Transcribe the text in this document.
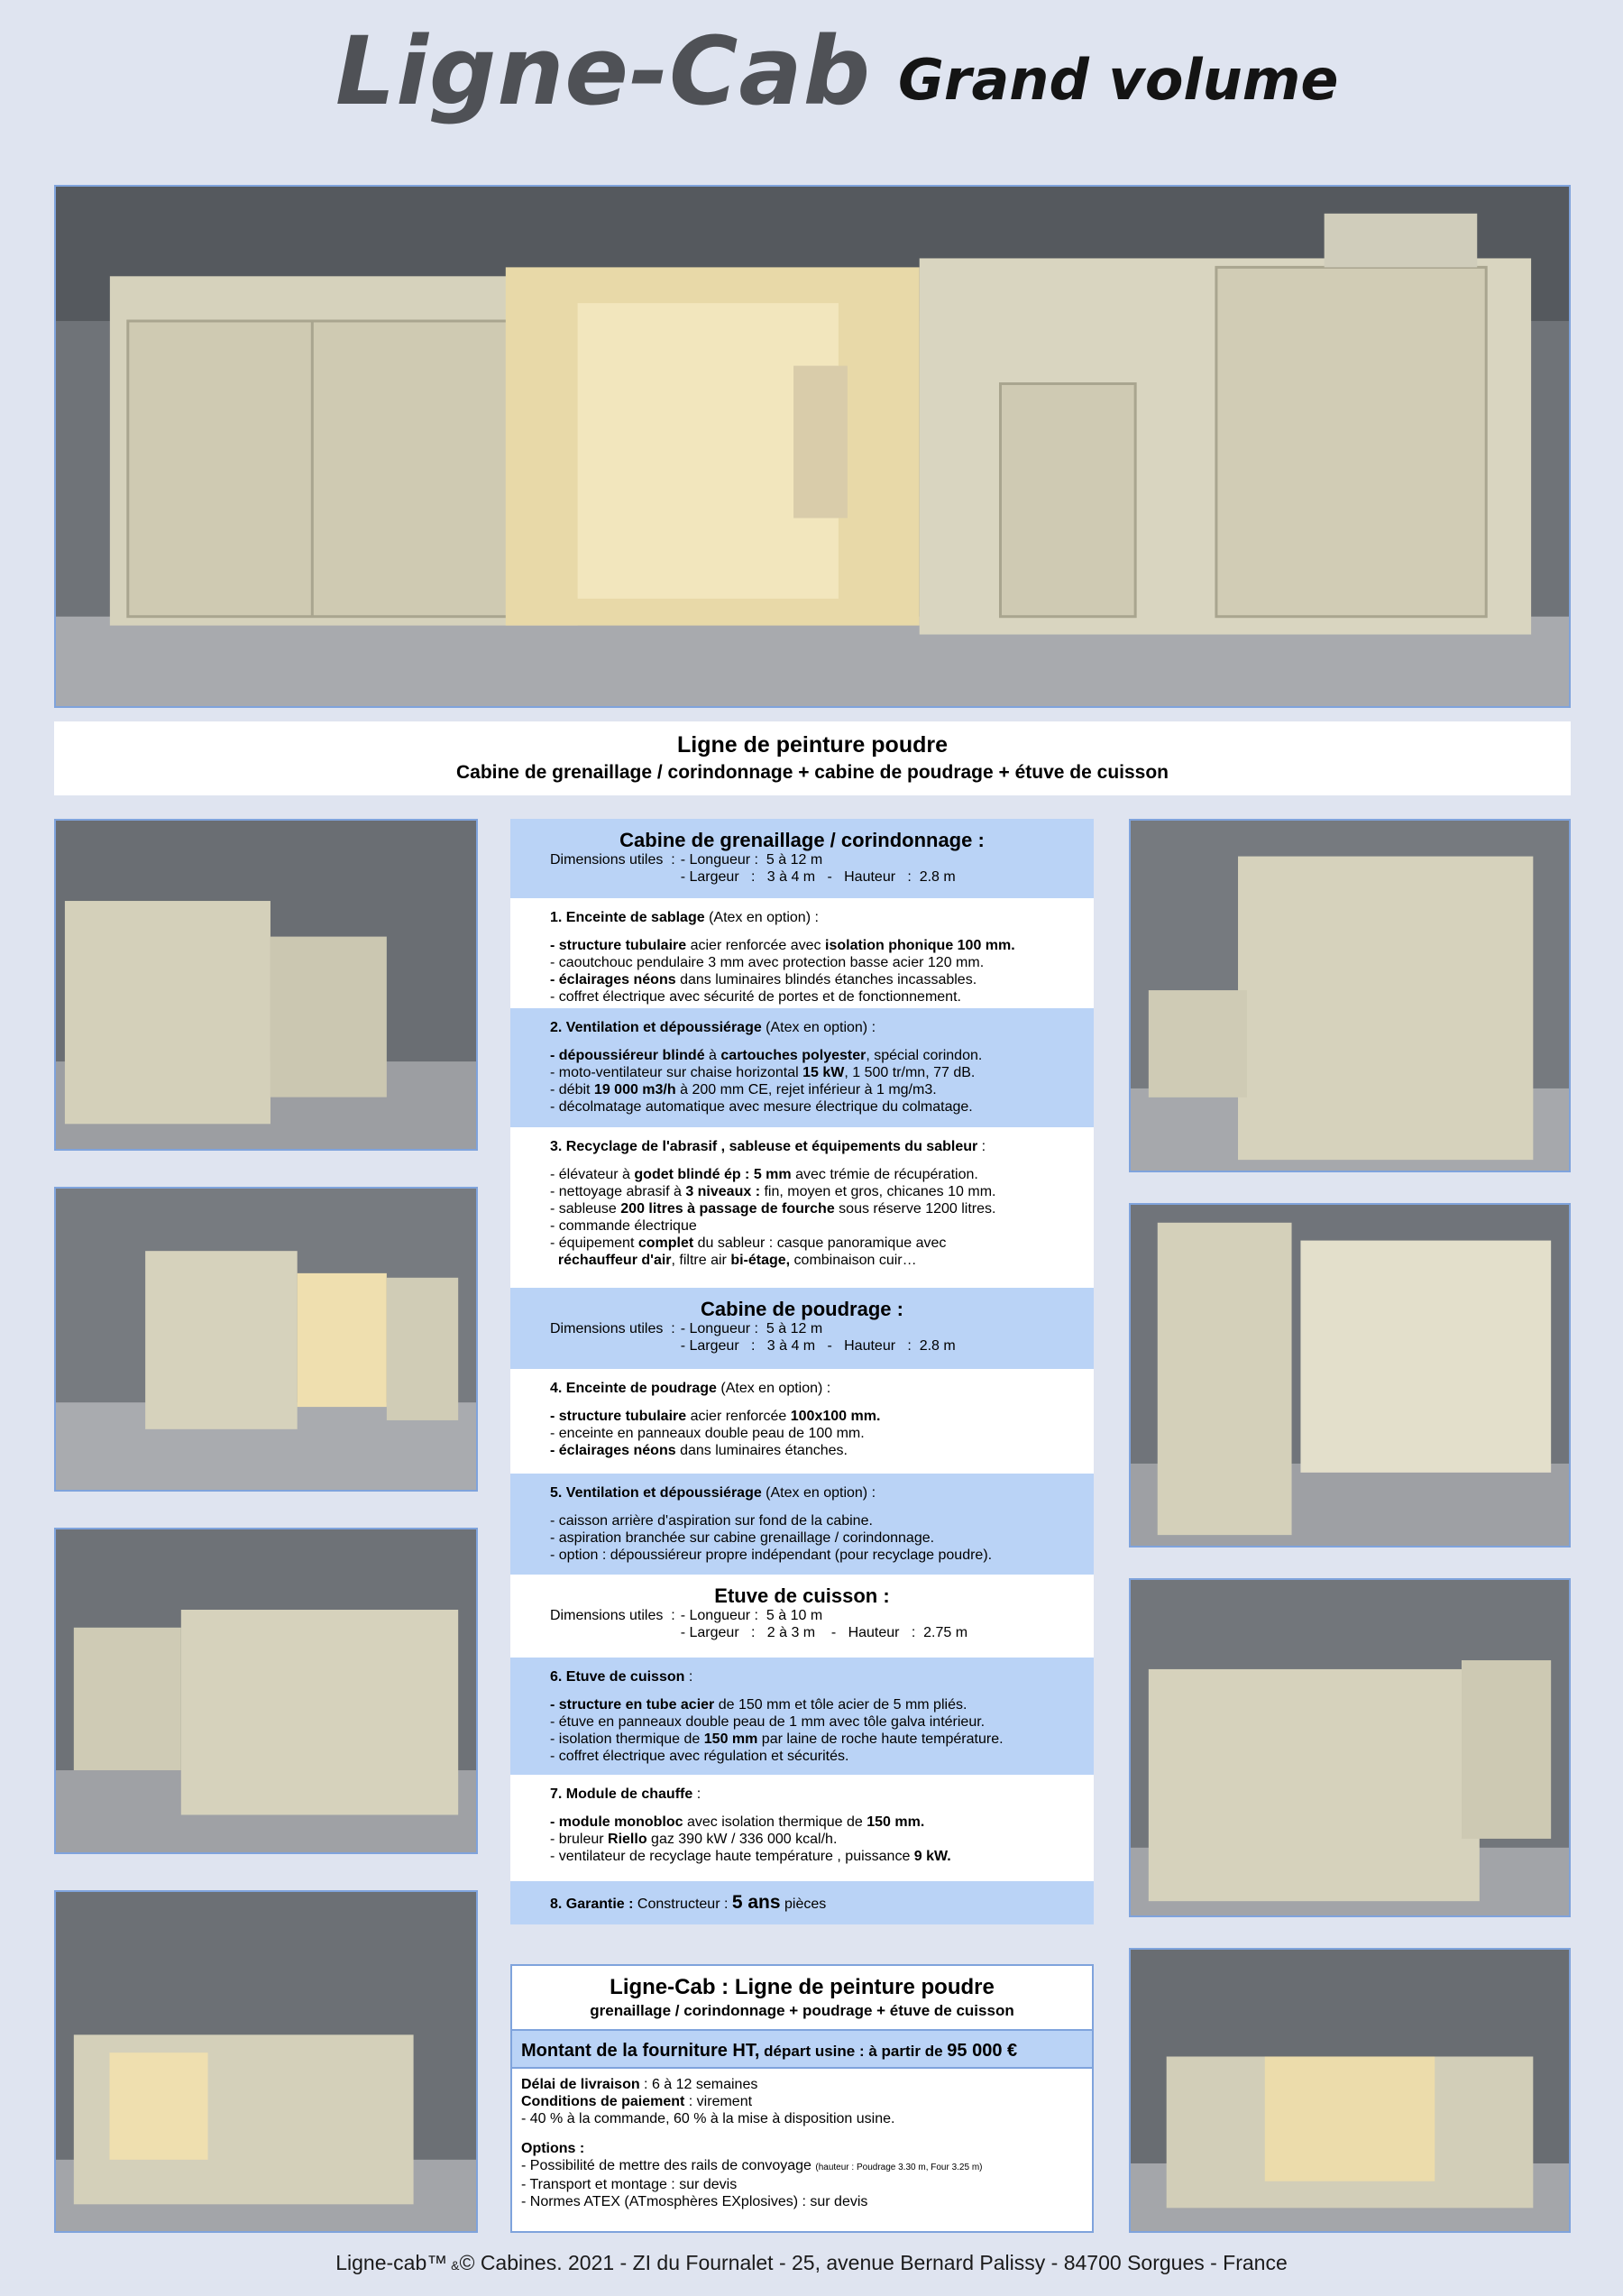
Ligne-Cab Grand volume
Ligne de peinture poudre
Cabine de grenaillage / corindonnage + cabine de poudrage + étuve de cuisson
Cabine de grenaillage / corindonnage :
Dimensions utiles  : - Longueur :  5 à 12 m
- Largeur   :   3 à 4 m   -   Hauteur   :  2.8 m
1. Enceinte de sablage (Atex en option) :
- structure tubulaire acier renforcée avec isolation phonique 100 mm.
- caoutchouc pendulaire 3 mm avec protection basse acier 120 mm.
- éclairages néons dans luminaires blindés étanches incassables.
- coffret électrique avec sécurité de portes et de fonctionnement.
2. Ventilation et dépoussiérage (Atex en option) :
- dépoussiéreur blindé à cartouches polyester, spécial corindon.
- moto-ventilateur sur chaise horizontal 15 kW, 1 500 tr/mn, 77 dB.
- débit 19 000 m3/h à 200 mm CE, rejet inférieur à 1 mg/m3.
- décolmatage automatique avec mesure électrique du colmatage.
3. Recyclage de l'abrasif , sableuse et équipements du sableur :
- élévateur à godet blindé ép : 5 mm avec trémie de récupération.
- nettoyage abrasif à 3 niveaux : fin, moyen et gros, chicanes 10 mm.
- sableuse 200 litres à passage de fourche sous réserve 1200 litres.
- commande électrique
- équipement complet du sableur : casque panoramique avec
réchauffeur d'air, filtre air bi-étage, combinaison cuir…
Cabine de poudrage :
Dimensions utiles  : - Longueur :  5 à 12 m
- Largeur   :   3 à 4 m   -   Hauteur   :  2.8 m
4. Enceinte de poudrage (Atex en option) :
- structure tubulaire acier renforcée 100x100 mm.
- enceinte en panneaux double peau de 100 mm.
- éclairages néons dans luminaires étanches.
5. Ventilation et dépoussiérage (Atex en option) :
- caisson arrière d'aspiration sur fond de la cabine.
- aspiration branchée sur cabine grenaillage / corindonnage.
- option : dépoussiéreur propre indépendant (pour recyclage poudre).
Etuve de cuisson :
Dimensions utiles  : - Longueur :  5 à 10 m
- Largeur   :   2 à 3 m    -   Hauteur   :  2.75 m
6. Etuve de cuisson :
- structure en tube acier de 150 mm et tôle acier de 5 mm pliés.
- étuve en panneaux double peau de 1 mm avec tôle galva intérieur.
- isolation thermique de 150 mm par laine de roche haute température.
- coffret électrique avec régulation et sécurités.
7. Module de chauffe :
- module monobloc avec isolation thermique de 150 mm.
- bruleur Riello gaz 390 kW / 336 000 kcal/h.
- ventilateur de recyclage haute température , puissance 9 kW.
8. Garantie : Constructeur : 5 ans pièces
Ligne-Cab : Ligne de peinture poudre
grenaillage / corindonnage + poudrage + étuve de cuisson
Montant de la fourniture HT, départ usine : à partir de 95 000 €
Délai de livraison : 6 à 12 semaines
Conditions de paiement : virement
- 40 % à la commande, 60 % à la mise à disposition usine.
Options :
- Possibilité de mettre des rails de convoyage (hauteur : Poudrage 3.30 m, Four 3.25 m)
- Transport et montage : sur devis
- Normes ATEX (ATmosphères EXplosives) : sur devis
Ligne-cab™ &© Cabines. 2021 - ZI du Fournalet - 25, avenue Bernard Palissy - 84700 Sorgues - France
